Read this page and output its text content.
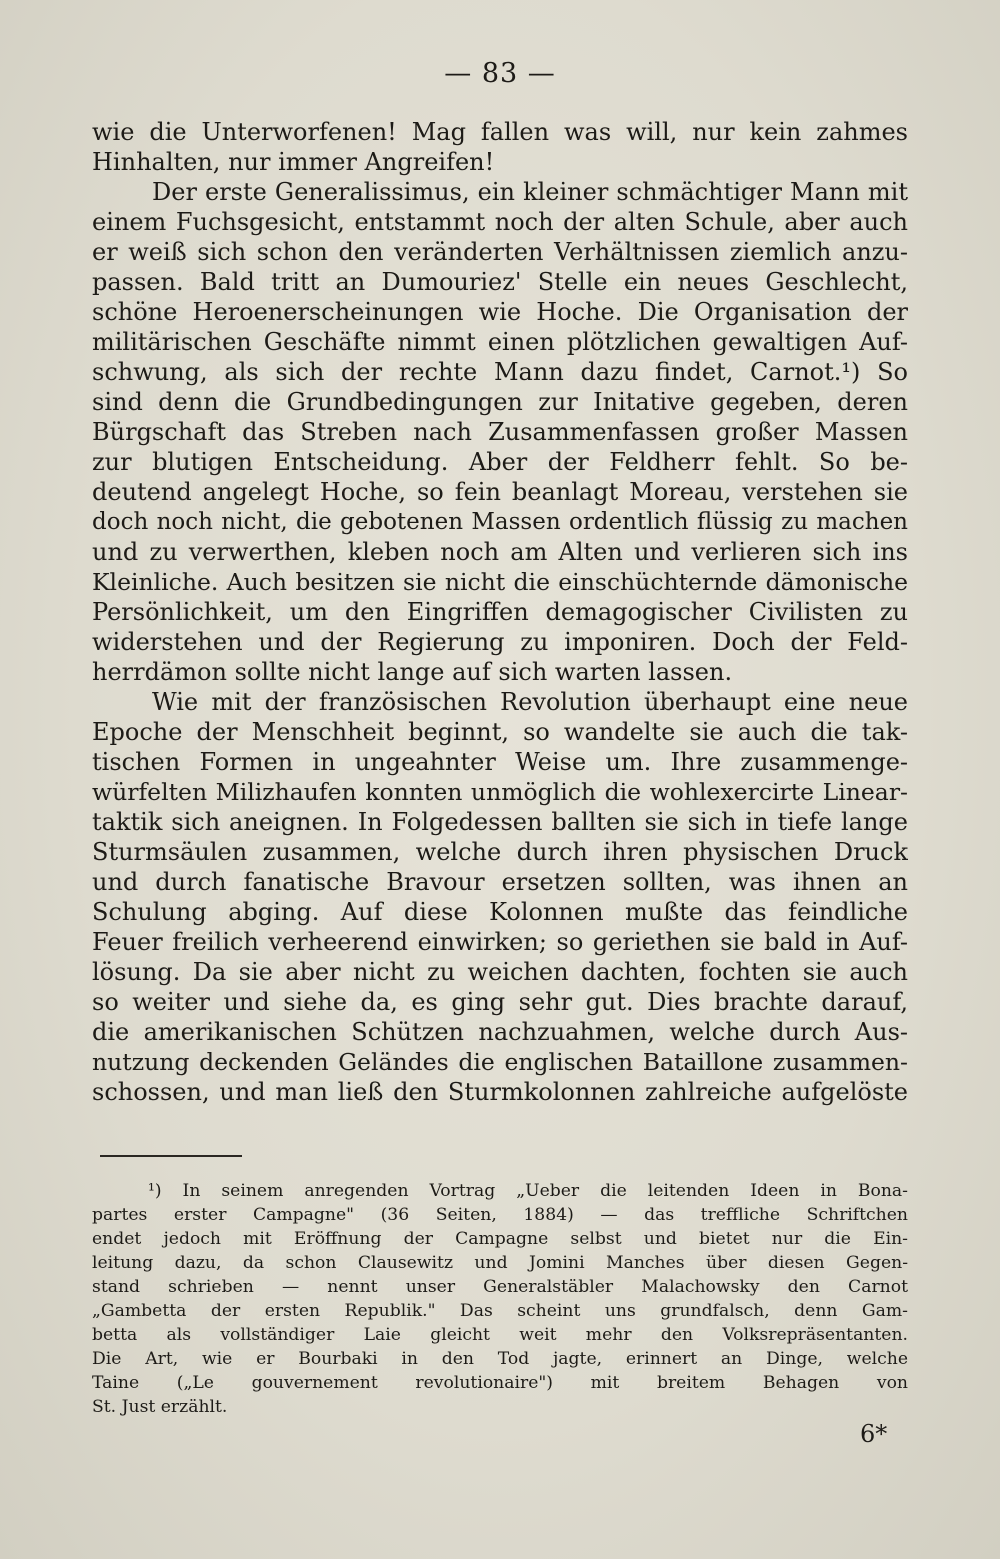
— 83 —
wie die Unterworfenen! Mag fallen was will, nur kein zahmes
Hinhalten, nur immer Angreifen!
Der erste Generalissimus, ein kleiner schmächtiger Mann mit
einem Fuchsgesicht, entstammt noch der alten Schule, aber auch
er weiß sich schon den veränderten Verhältnissen ziemlich anzu-
passen. Bald tritt an Dumouriez' Stelle ein neues Geschlecht,
schöne Heroenerscheinungen wie Hoche. Die Organisation der
militärischen Geschäfte nimmt einen plötzlichen gewaltigen Auf-
schwung, als sich der rechte Mann dazu findet, Carnot.¹) So
sind denn die Grundbedingungen zur Initative gegeben, deren
Bürgschaft das Streben nach Zusammenfassen großer Massen
zur blutigen Entscheidung. Aber der Feldherr fehlt. So be-
deutend angelegt Hoche, so fein beanlagt Moreau, verstehen sie
doch noch nicht, die gebotenen Massen ordentlich flüssig zu machen
und zu verwerthen, kleben noch am Alten und verlieren sich ins
Kleinliche. Auch besitzen sie nicht die einschüchternde dämonische
Persönlichkeit, um den Eingriffen demagogischer Civilisten zu
widerstehen und der Regierung zu imponiren. Doch der Feld-
herrdämon sollte nicht lange auf sich warten lassen.
Wie mit der französischen Revolution überhaupt eine neue
Epoche der Menschheit beginnt, so wandelte sie auch die tak-
tischen Formen in ungeahnter Weise um. Ihre zusammenge-
würfelten Milizhaufen konnten unmöglich die wohlexercirte Linear-
taktik sich aneignen. In Folgedessen ballten sie sich in tiefe lange
Sturmsäulen zusammen, welche durch ihren physischen Druck
und durch fanatische Bravour ersetzen sollten, was ihnen an
Schulung abging. Auf diese Kolonnen mußte das feindliche
Feuer freilich verheerend einwirken; so geriethen sie bald in Auf-
lösung. Da sie aber nicht zu weichen dachten, fochten sie auch
so weiter und siehe da, es ging sehr gut. Dies brachte darauf,
die amerikanischen Schützen nachzuahmen, welche durch Aus-
nutzung deckenden Geländes die englischen Bataillone zusammen-
schossen, und man ließ den Sturmkolonnen zahlreiche aufgelöste
¹) In seinem anregenden Vortrag „Ueber die leitenden Ideen in Bona-
partes erster Campagne" (36 Seiten, 1884) — das treffliche Schriftchen
endet jedoch mit Eröffnung der Campagne selbst und bietet nur die Ein-
leitung dazu, da schon Clausewitz und Jomini Manches über diesen Gegen-
stand schrieben — nennt unser Generalstäbler Malachowsky den Carnot
„Gambetta der ersten Republik." Das scheint uns grundfalsch, denn Gam-
betta als vollständiger Laie gleicht weit mehr den Volksrepräsentanten.
Die Art, wie er Bourbaki in den Tod jagte, erinnert an Dinge, welche
Taine („Le gouvernement revolutionaire") mit breitem Behagen von
St. Just erzählt.
6*
